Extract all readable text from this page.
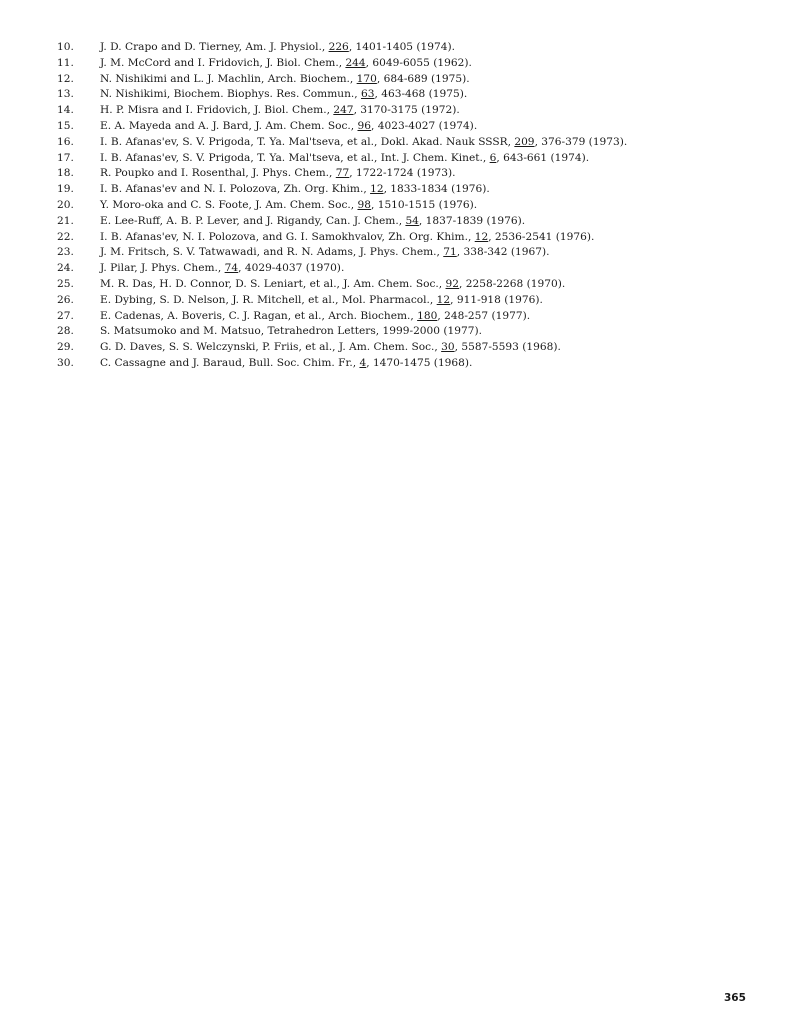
10. J. D. Crapo and D. Tierney, Am. J. Physiol., 226, 1401-1405 (1974).
11. J. M. McCord and I. Fridovich, J. Biol. Chem., 244, 6049-6055 (1962).
12. N. Nishikimi and L. J. Machlin, Arch. Biochem., 170, 684-689 (1975).
13. N. Nishikimi, Biochem. Biophys. Res. Commun., 63, 463-468 (1975).
14. H. P. Misra and I. Fridovich, J. Biol. Chem., 247, 3170-3175 (1972).
15. E. A. Mayeda and A. J. Bard, J. Am. Chem. Soc., 96, 4023-4027 (1974).
16. I. B. Afanas'ev, S. V. Prigoda, T. Ya. Mal'tseva, et al., Dokl. Akad. Nauk SSSR, 209, 376-379 (1973).
17. I. B. Afanas'ev, S. V. Prigoda, T. Ya. Mal'tseva, et al., Int. J. Chem. Kinet., 6, 643-661 (1974).
18. R. Poupko and I. Rosenthal, J. Phys. Chem., 77, 1722-1724 (1973).
19. I. B. Afanas'ev and N. I. Polozova, Zh. Org. Khim., 12, 1833-1834 (1976).
20. Y. Moro-oka and C. S. Foote, J. Am. Chem. Soc., 98, 1510-1515 (1976).
21. E. Lee-Ruff, A. B. P. Lever, and J. Rigandy, Can. J. Chem., 54, 1837-1839 (1976).
22. I. B. Afanas'ev, N. I. Polozova, and G. I. Samokhvalov, Zh. Org. Khim., 12, 2536-2541 (1976).
23. J. M. Fritsch, S. V. Tatwawadi, and R. N. Adams, J. Phys. Chem., 71, 338-342 (1967).
24. J. Pilar, J. Phys. Chem., 74, 4029-4037 (1970).
25. M. R. Das, H. D. Connor, D. S. Leniart, et al., J. Am. Chem. Soc., 92, 2258-2268 (1970).
26. E. Dybing, S. D. Nelson, J. R. Mitchell, et al., Mol. Pharmacol., 12, 911-918 (1976).
27. E. Cadenas, A. Boveris, C. J. Ragan, et al., Arch. Biochem., 180, 248-257 (1977).
28. S. Matsumoko and M. Matsuo, Tetrahedron Letters, 1999-2000 (1977).
29. G. D. Daves, S. S. Welczynski, P. Friis, et al., J. Am. Chem. Soc., 30, 5587-5593 (1968).
30. C. Cassagne and J. Baraud, Bull. Soc. Chim. Fr., 4, 1470-1475 (1968).
365
